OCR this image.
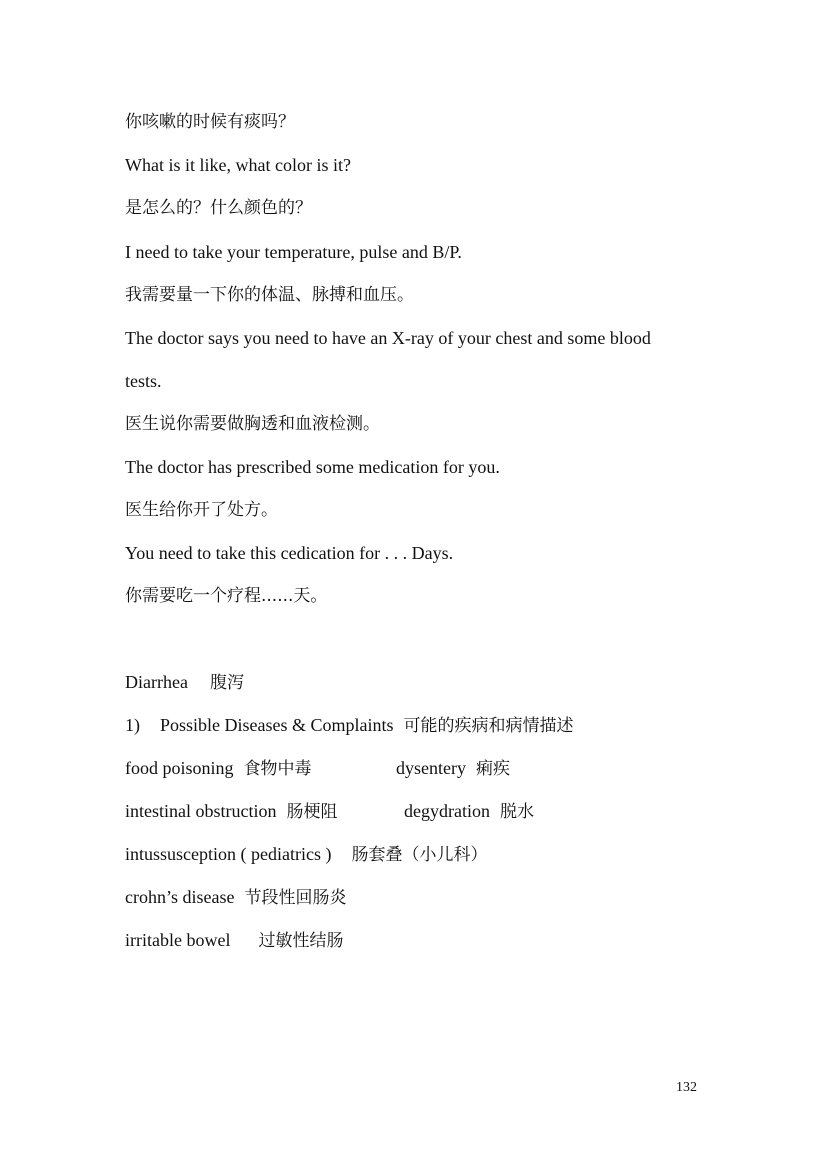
你咳嗽的时候有痰吗？
What is it like, what color is it?
是怎么的？什么颜色的？
I need to take your temperature, pulse and B/P.
我需要量一下你的体温、脉搏和血压。
The doctor says you need to have an X-ray of your chest and some blood
tests.
医生说你需要做胸透和血液检测。
The doctor has prescribed some medication for you.
医生给你开了处方。
You need to take this cedication for . . . Days.
你需要吃一个疗程......天。
Diarrhea 腹泻
1) Possible Diseases & Complaints 可能的疾病和病情描述
food poisoning 食物中毒	dysentery 痢疾
intestinal obstruction 肠梗阻	degydration 脱水
intussusception ( pediatrics ) 肠套叠（小儿科）
crohn’s disease 节段性回肠炎
irritable bowel 过敏性结肠
132
